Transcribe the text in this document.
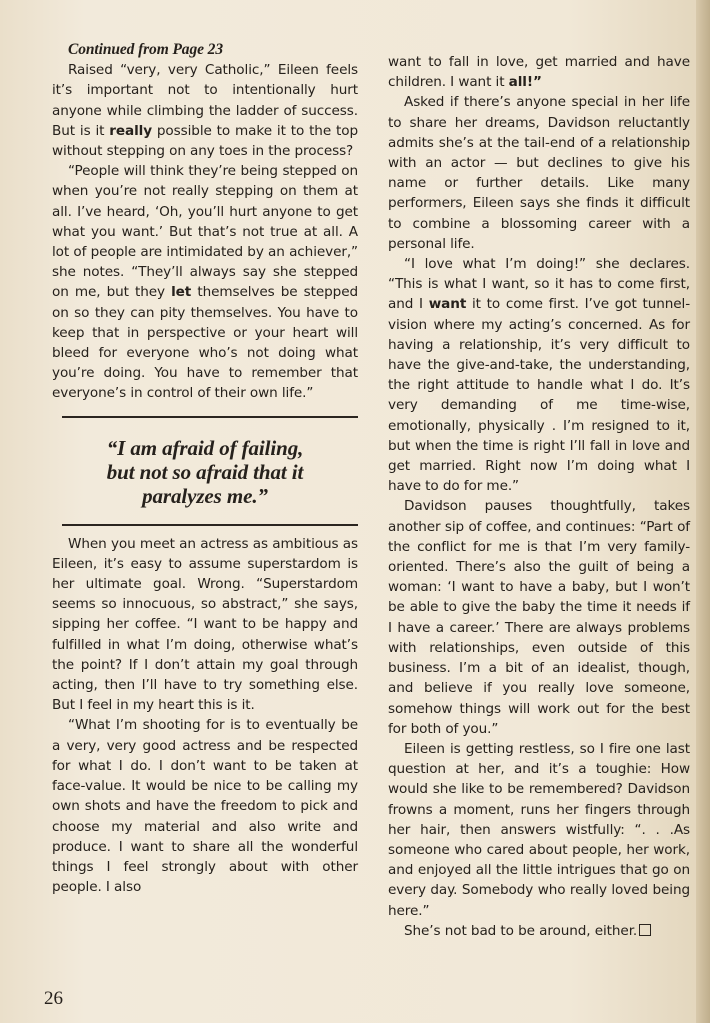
Continued from Page 23

Raised “very, very Catholic,” Eileen feels it’s important not to intentionally hurt anyone while climbing the ladder of success. But is it really possible to make it to the top without stepping on any toes in the process?

“People will think they’re being stepped on when you’re not really stepping on them at all. I’ve heard, ‘Oh, you’ll hurt anyone to get what you want.’ But that’s not true at all. A lot of people are intimidated by an achiever,” she notes. “They’ll always say she stepped on me, but they let themselves be stepped on so they can pity themselves. You have to keep that in perspective or your heart will bleed for everyone who’s not doing what you’re doing. You have to remember that everyone’s in control of their own life.”

“I am afraid of failing,
but not so afraid that it
paralyzes me.”

When you meet an actress as ambitious as Eileen, it’s easy to assume superstardom is her ultimate goal. Wrong. “Superstardom seems so innocuous, so abstract,” she says, sipping her coffee. “I want to be happy and fulfilled in what I’m doing, otherwise what’s the point? If I don’t attain my goal through acting, then I’ll have to try something else. But I feel in my heart this is it.

“What I’m shooting for is to eventually be a very, very good actress and be respected for what I do. I don’t want to be taken at face-value. It would be nice to be calling my own shots and have the freedom to pick and choose my material and also write and produce. I want to share all the wonderful things I feel strongly about with other people. I also

want to fall in love, get married and have children. I want it all!”

Asked if there’s anyone special in her life to share her dreams, Davidson reluctantly admits she’s at the tail-end of a relationship with an actor — but declines to give his name or further details. Like many performers, Eileen says she finds it difficult to combine a blossoming career with a personal life.

“I love what I’m doing!” she declares. “This is what I want, so it has to come first, and I want it to come first. I’ve got tunnel-vision where my acting’s concerned. As for having a relationship, it’s very difficult to have the give-and-take, the understanding, the right attitude to handle what I do. It’s very demanding of me time-wise, emotionally, physically . I’m resigned to it, but when the time is right I’ll fall in love and get married. Right now I’m doing what I have to do for me.”

Davidson pauses thoughtfully, takes another sip of coffee, and continues: “Part of the conflict for me is that I’m very family-oriented. There’s also the guilt of being a woman: ‘I want to have a baby, but I won’t be able to give the baby the time it needs if I have a career.’ There are always problems with relationships, even outside of this business. I’m a bit of an idealist, though, and believe if you really love someone, somehow things will work out for the best for both of you.”

Eileen is getting restless, so I fire one last question at her, and it’s a toughie: How would she like to be remembered? Davidson frowns a moment, runs her fingers through her hair, then answers wistfully: “. . .As someone who cared about people, her work, and enjoyed all the little intrigues that go on every day. Somebody who really loved being here.”

She’s not bad to be around, either.

26
